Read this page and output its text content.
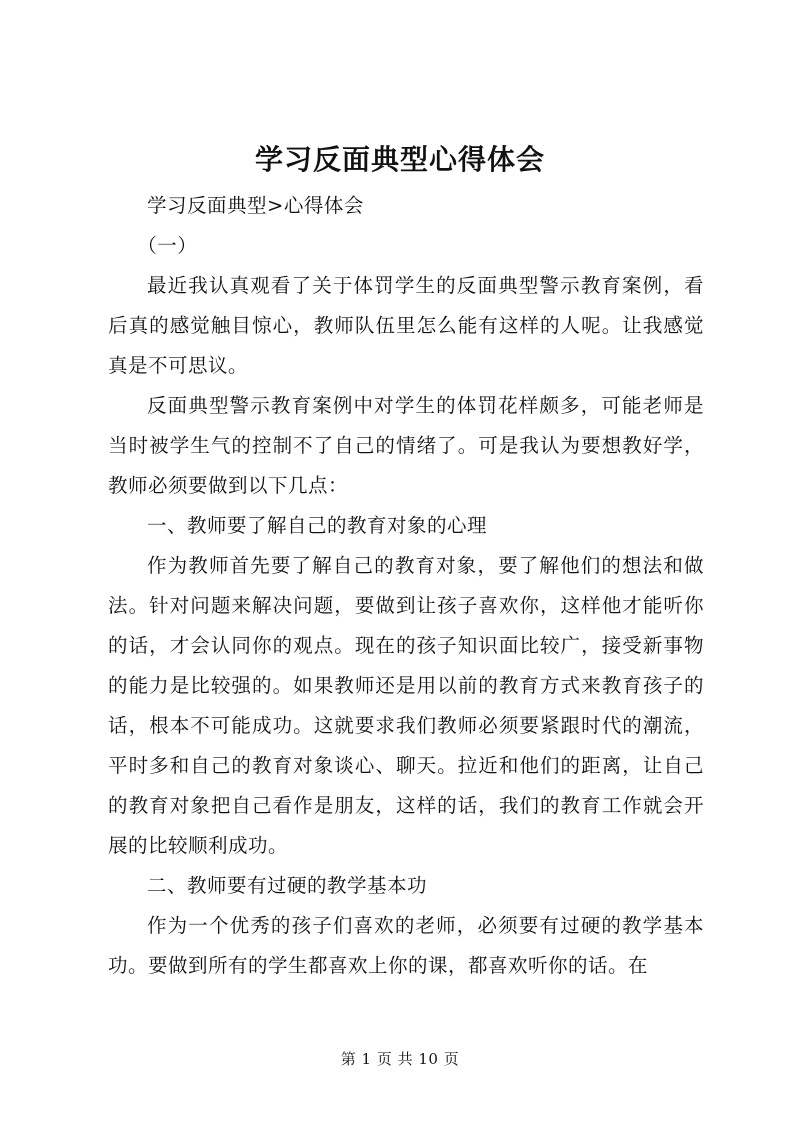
学习反面典型心得体会

学习反面典型>心得体会

（一）

最近我认真观看了关于体罚学生的反面典型警示教育案例，看后真的感觉触目惊心，教师队伍里怎么能有这样的人呢。让我感觉真是不可思议。

反面典型警示教育案例中对学生的体罚花样颇多，可能老师是当时被学生气的控制不了自己的情绪了。可是我认为要想教好学，教师必须要做到以下几点：

一、教师要了解自己的教育对象的心理

作为教师首先要了解自己的教育对象，要了解他们的想法和做法。针对问题来解决问题，要做到让孩子喜欢你，这样他才能听你的话，才会认同你的观点。现在的孩子知识面比较广，接受新事物的能力是比较强的。如果教师还是用以前的教育方式来教育孩子的话，根本不可能成功。这就要求我们教师必须要紧跟时代的潮流，平时多和自己的教育对象谈心、聊天。拉近和他们的距离，让自己的教育对象把自己看作是朋友，这样的话，我们的教育工作就会开展的比较顺利成功。

二、教师要有过硬的教学基本功

作为一个优秀的孩子们喜欢的老师，必须要有过硬的教学基本功。要做到所有的学生都喜欢上你的课，都喜欢听你的话。在

第 1 页 共 10 页
